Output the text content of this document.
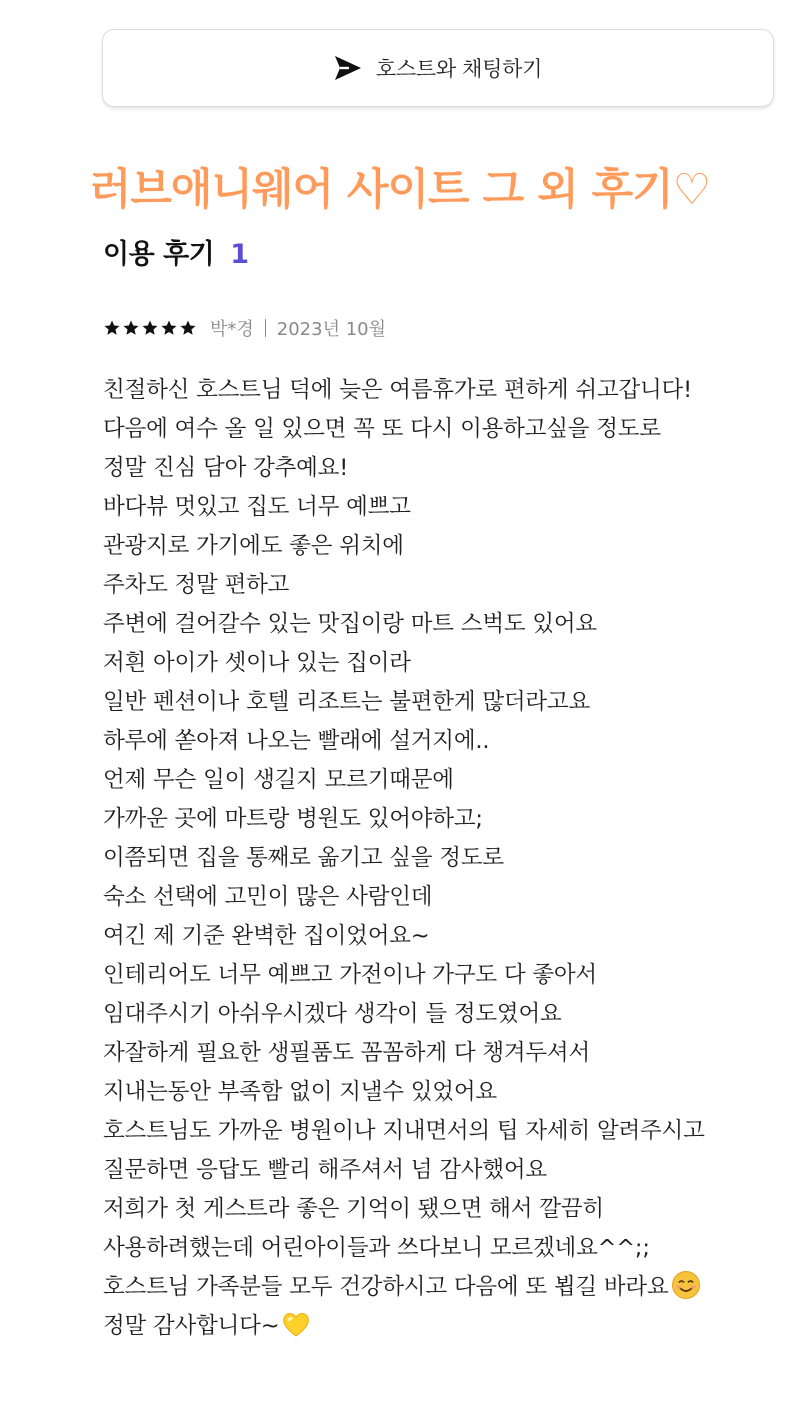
호스트와 채팅하기
러브애니웨어 사이트 그 외 후기♡
이용 후기 1
박*경 2023년 10월
친절하신 호스트님 덕에 늦은 여름휴가로 편하게 쉬고갑니다!
다음에 여수 올 일 있으면 꼭 또 다시 이용하고싶을 정도로
정말 진심 담아 강추예요!
바다뷰 멋있고 집도 너무 예쁘고
관광지로 가기에도 좋은 위치에
주차도 정말 편하고
주변에 걸어갈수 있는 맛집이랑 마트 스벅도 있어요
저흰 아이가 셋이나 있는 집이라
일반 펜션이나 호텔 리조트는 불편한게 많더라고요
하루에 쏟아져 나오는 빨래에 설거지에..
언제 무슨 일이 생길지 모르기때문에
가까운 곳에 마트랑 병원도 있어야하고;
이쯤되면 집을 통째로 옮기고 싶을 정도로
숙소 선택에 고민이 많은 사람인데
여긴 제 기준 완벽한 집이었어요~
인테리어도 너무 예쁘고 가전이나 가구도 다 좋아서
임대주시기 아쉬우시겠다 생각이 들 정도였어요
자잘하게 필요한 생필품도 꼼꼼하게 다 챙겨두셔서
지내는동안 부족함 없이 지낼수 있었어요
호스트님도 가까운 병원이나 지내면서의 팁 자세히 알려주시고
질문하면 응답도 빨리 해주셔서 넘 감사했어요
저희가 첫 게스트라 좋은 기억이 됐으면 해서 깔끔히
사용하려했는데 어린아이들과 쓰다보니 모르겠네요^^;;
호스트님 가족분들 모두 건강하시고 다음에 또 뵙길 바라요
정말 감사합니다~
